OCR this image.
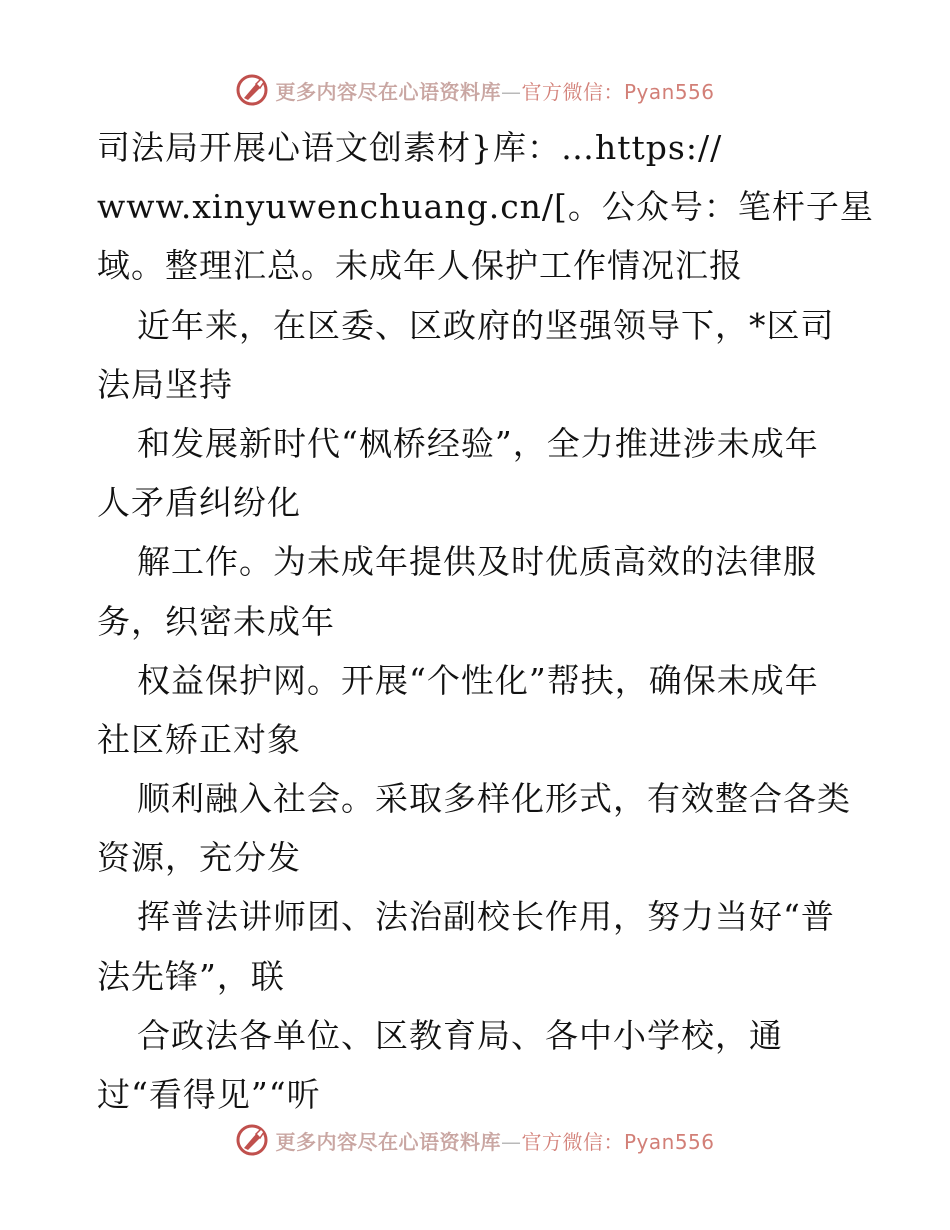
更多内容尽在心语资料库—官方微信：Pyan556
司法局开展心语文创素材}库：…https://
www.xinyuwenchuang.cn/[。公众号：笔杆子星
域。整理汇总。未成年人保护工作情况汇报
近年来，在区委、区政府的坚强领导下，*区司
法局坚持
和发展新时代“枫桥经验”，全力推进涉未成年
人矛盾纠纷化
解工作。为未成年提供及时优质高效的法律服
务，织密未成年
权益保护网。开展“个性化”帮扶，确保未成年
社区矫正对象
顺利融入社会。采取多样化形式，有效整合各类
资源，充分发
挥普法讲师团、法治副校长作用，努力当好“普
法先锋”，联
合政法各单位、区教育局、各中小学校，通
过“看得见”“听
更多内容尽在心语资料库—官方微信：Pyan556
